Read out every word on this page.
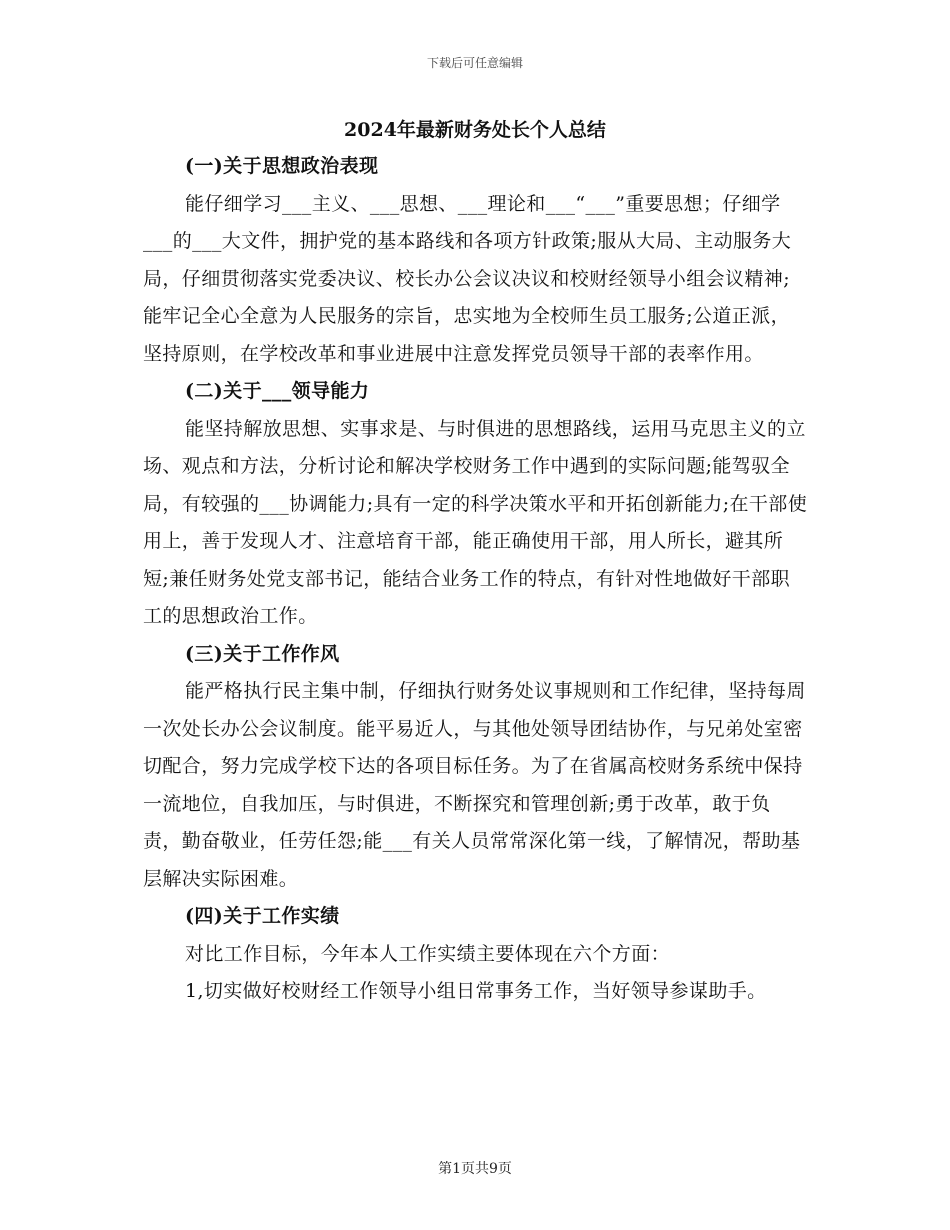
下载后可任意编辑
2024年最新财务处长个人总结

(一)关于思想政治表现

能仔细学习___主义、___思想、___理论和___“___”重要思想；仔细学___的___大文件，拥护党的基本路线和各项方针政策;服从大局、主动服务大局，仔细贯彻落实党委决议、校长办公会议决议和校财经领导小组会议精神;能牢记全心全意为人民服务的宗旨，忠实地为全校师生员工服务;公道正派，坚持原则，在学校改革和事业进展中注意发挥党员领导干部的表率作用。

(二)关于___领导能力

能坚持解放思想、实事求是、与时俱进的思想路线，运用马克思主义的立场、观点和方法，分析讨论和解决学校财务工作中遇到的实际问题;能驾驭全局，有较强的___协调能力;具有一定的科学决策水平和开拓创新能力;在干部使用上，善于发现人才、注意培育干部，能正确使用干部，用人所长，避其所短;兼任财务处党支部书记，能结合业务工作的特点，有针对性地做好干部职工的思想政治工作。

(三)关于工作作风

能严格执行民主集中制，仔细执行财务处议事规则和工作纪律，坚持每周一次处长办公会议制度。能平易近人，与其他处领导团结协作，与兄弟处室密切配合，努力完成学校下达的各项目标任务。为了在省属高校财务系统中保持一流地位，自我加压，与时俱进，不断探究和管理创新;勇于改革，敢于负责，勤奋敬业，任劳任怨;能___有关人员常常深化第一线，了解情况，帮助基层解决实际困难。

(四)关于工作实绩

对比工作目标，今年本人工作实绩主要体现在六个方面：

1,切实做好校财经工作领导小组日常事务工作，当好领导参谋助手。

第1页共9页
